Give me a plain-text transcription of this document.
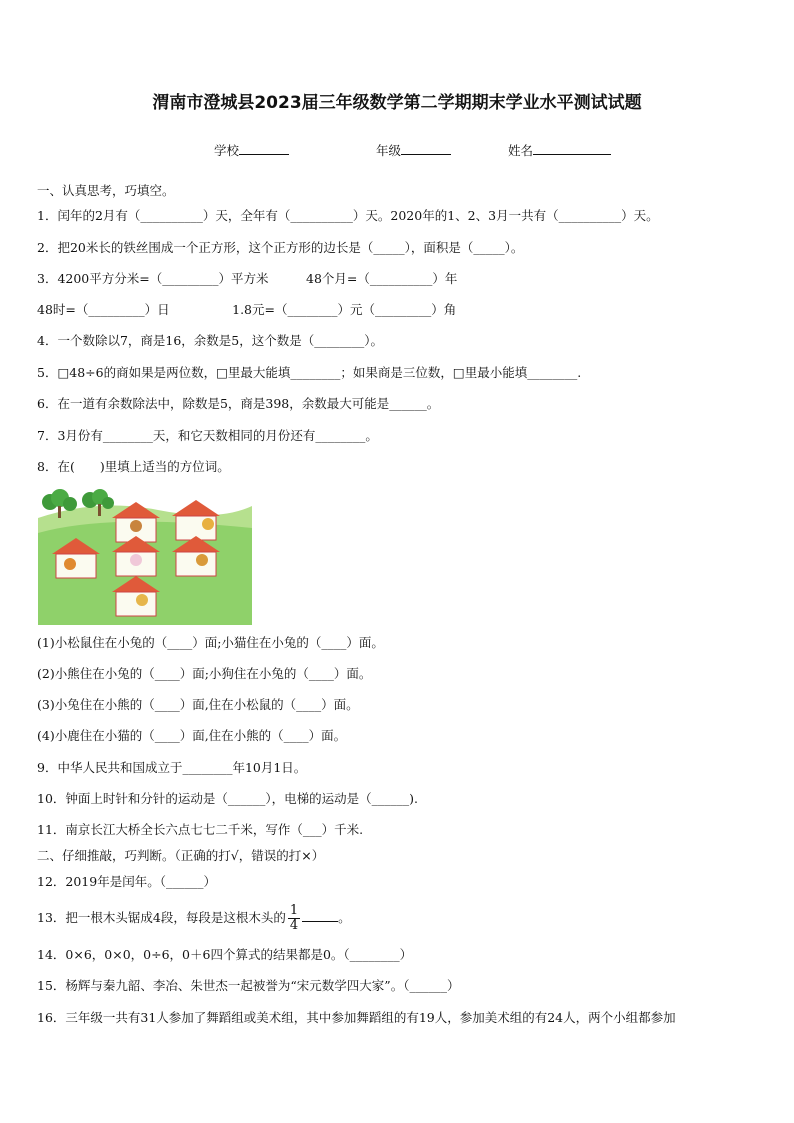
渭南市澄城县2023届三年级数学第二学期期末学业水平测试试题
学校	年级	姓名
一、认真思考，巧填空。
1．闰年的2月有（__________）天，全年有（__________）天。2020年的1、2、3月一共有（__________）天。
2．把20米长的铁丝围成一个正方形，这个正方形的边长是（_____），面积是（_____）。
3．4200平方分米=（_________）平方米　　　48个月=（__________）年
48时=（_________）日　　　　　1.8元=（________）元（_________）角
4．一个数除以7，商是16，余数是5，这个数是（________）。
5．□48÷6的商如果是两位数，□里最大能填________；如果商是三位数，□里最小能填________.
6．在一道有余数除法中，除数是5，商是398，余数最大可能是______。
7．3月份有________天，和它天数相同的月份还有________。
8．在(　　)里填上适当的方位词。
(1)小松鼠住在小兔的（____）面;小猫住在小兔的（____）面。
(2)小熊住在小兔的（____）面;小狗住在小兔的（____）面。
(3)小兔住在小熊的（____）面,住在小松鼠的（____）面。
(4)小鹿住在小猫的（____）面,住在小熊的（____）面。
9．中华人民共和国成立于________年10月1日。
10．钟面上时针和分针的运动是（______），电梯的运动是（______).
11．南京长江大桥全长六点七七二千米，写作（___）千米.
二、仔细推敲，巧判断。（正确的打√，错误的打×）
12．2019年是闰年。（______）
13．把一根木头锯成4段，每段是这根木头的 $\frac{1}{4}$	。
14．0×6，0×0，0÷6，0＋6四个算式的结果都是0。（________）
15．杨辉与秦九韶、李冶、朱世杰一起被誉为“宋元数学四大家”。（______）
16．三年级一共有31人参加了舞蹈组或美术组，其中参加舞蹈组的有19人，参加美术组的有24人，两个小组都参加
